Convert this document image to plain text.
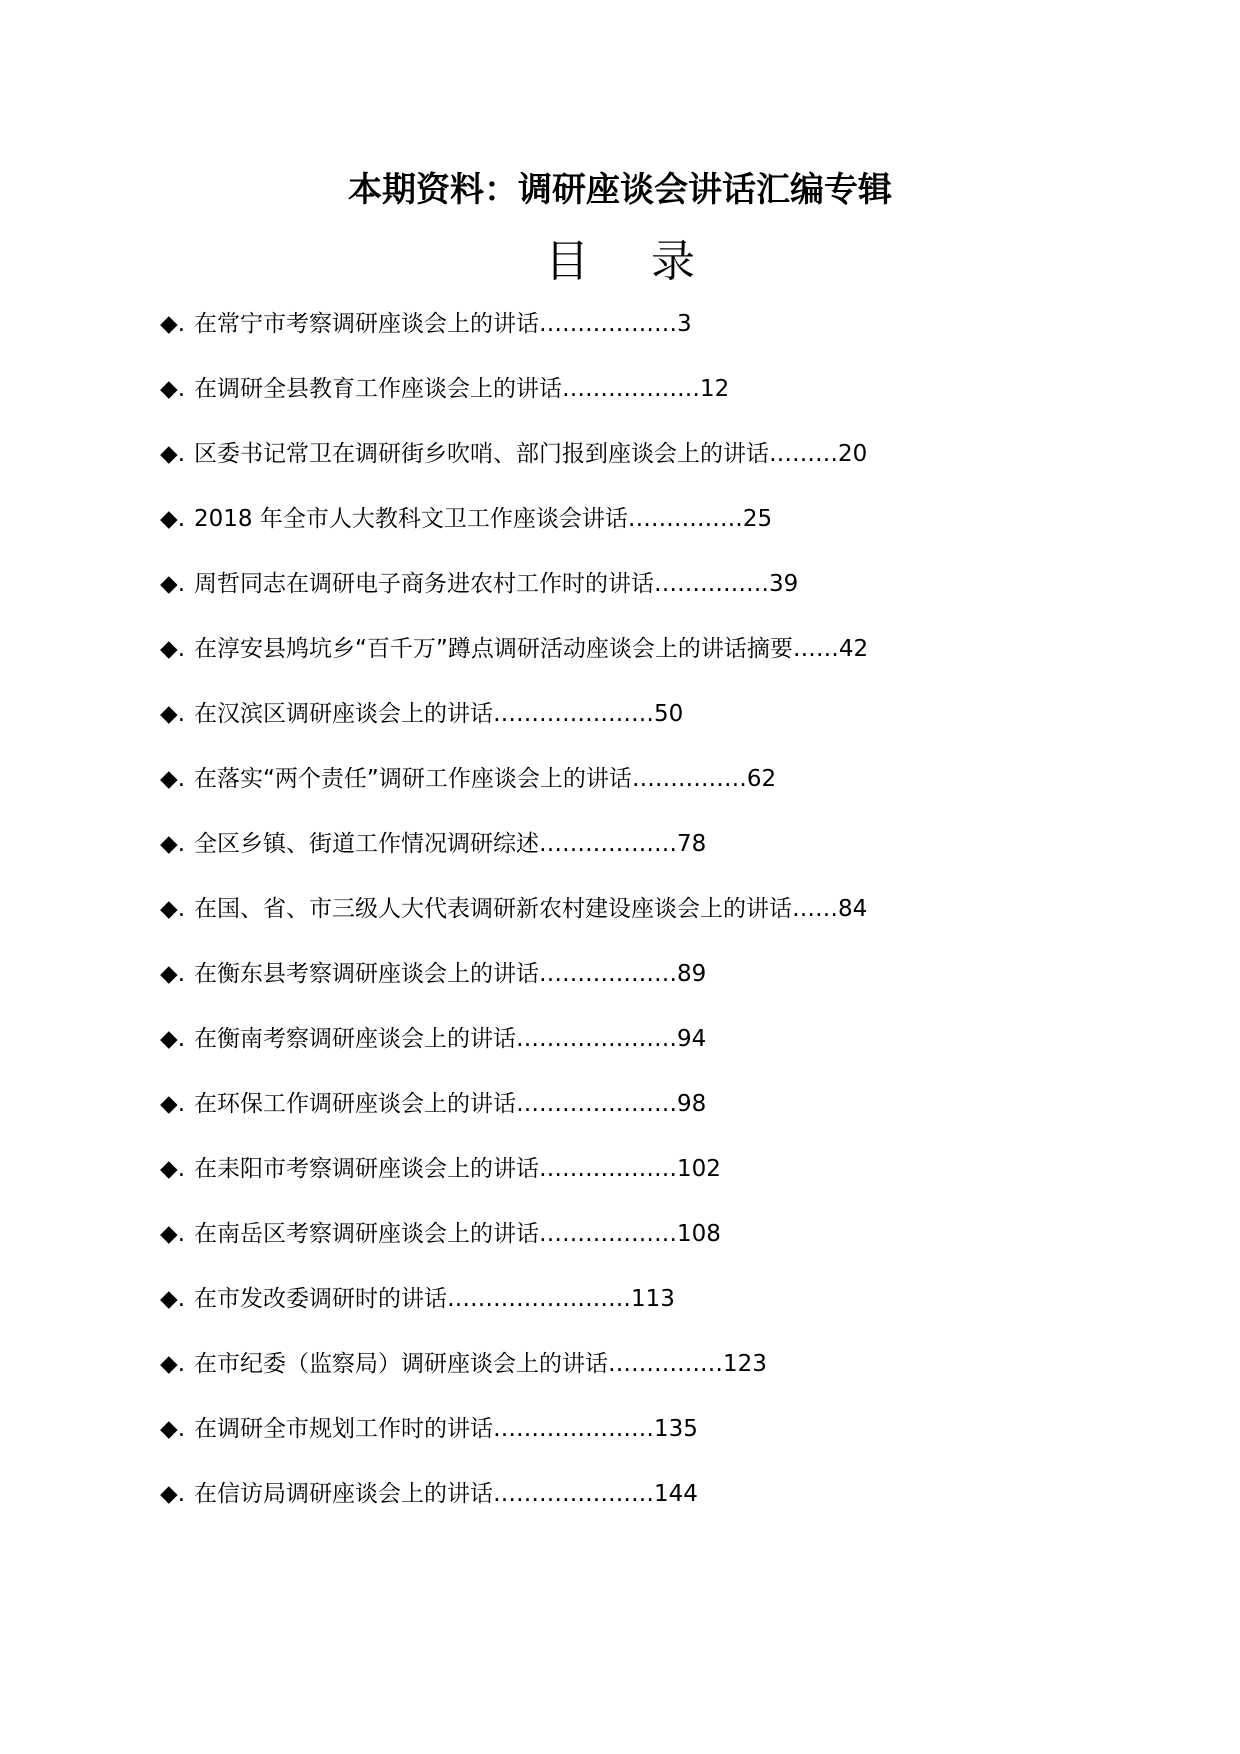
本期资料：调研座谈会讲话汇编专辑
目 录
◆. 在常宁市考察调研座谈会上的讲话………………3
◆. 在调研全县教育工作座谈会上的讲话………………12
◆. 区委书记常卫在调研街乡吹哨、部门报到座谈会上的讲话………20
◆. 2018 年全市人大教科文卫工作座谈会讲话……………25
◆. 周哲同志在调研电子商务进农村工作时的讲话……………39
◆. 在淳安县鸠坑乡“百千万”蹲点调研活动座谈会上的讲话摘要……42
◆. 在汉滨区调研座谈会上的讲话…………………50
◆. 在落实“两个责任”调研工作座谈会上的讲话……………62
◆. 全区乡镇、街道工作情况调研综述………………78
◆. 在国、省、市三级人大代表调研新农村建设座谈会上的讲话……84
◆. 在衡东县考察调研座谈会上的讲话………………89
◆. 在衡南考察调研座谈会上的讲话…………………94
◆. 在环保工作调研座谈会上的讲话…………………98
◆. 在耒阳市考察调研座谈会上的讲话………………102
◆. 在南岳区考察调研座谈会上的讲话………………108
◆. 在市发改委调研时的讲话……………………113
◆. 在市纪委（监察局）调研座谈会上的讲话……………123
◆. 在调研全市规划工作时的讲话…………………135
◆. 在信访局调研座谈会上的讲话…………………144
